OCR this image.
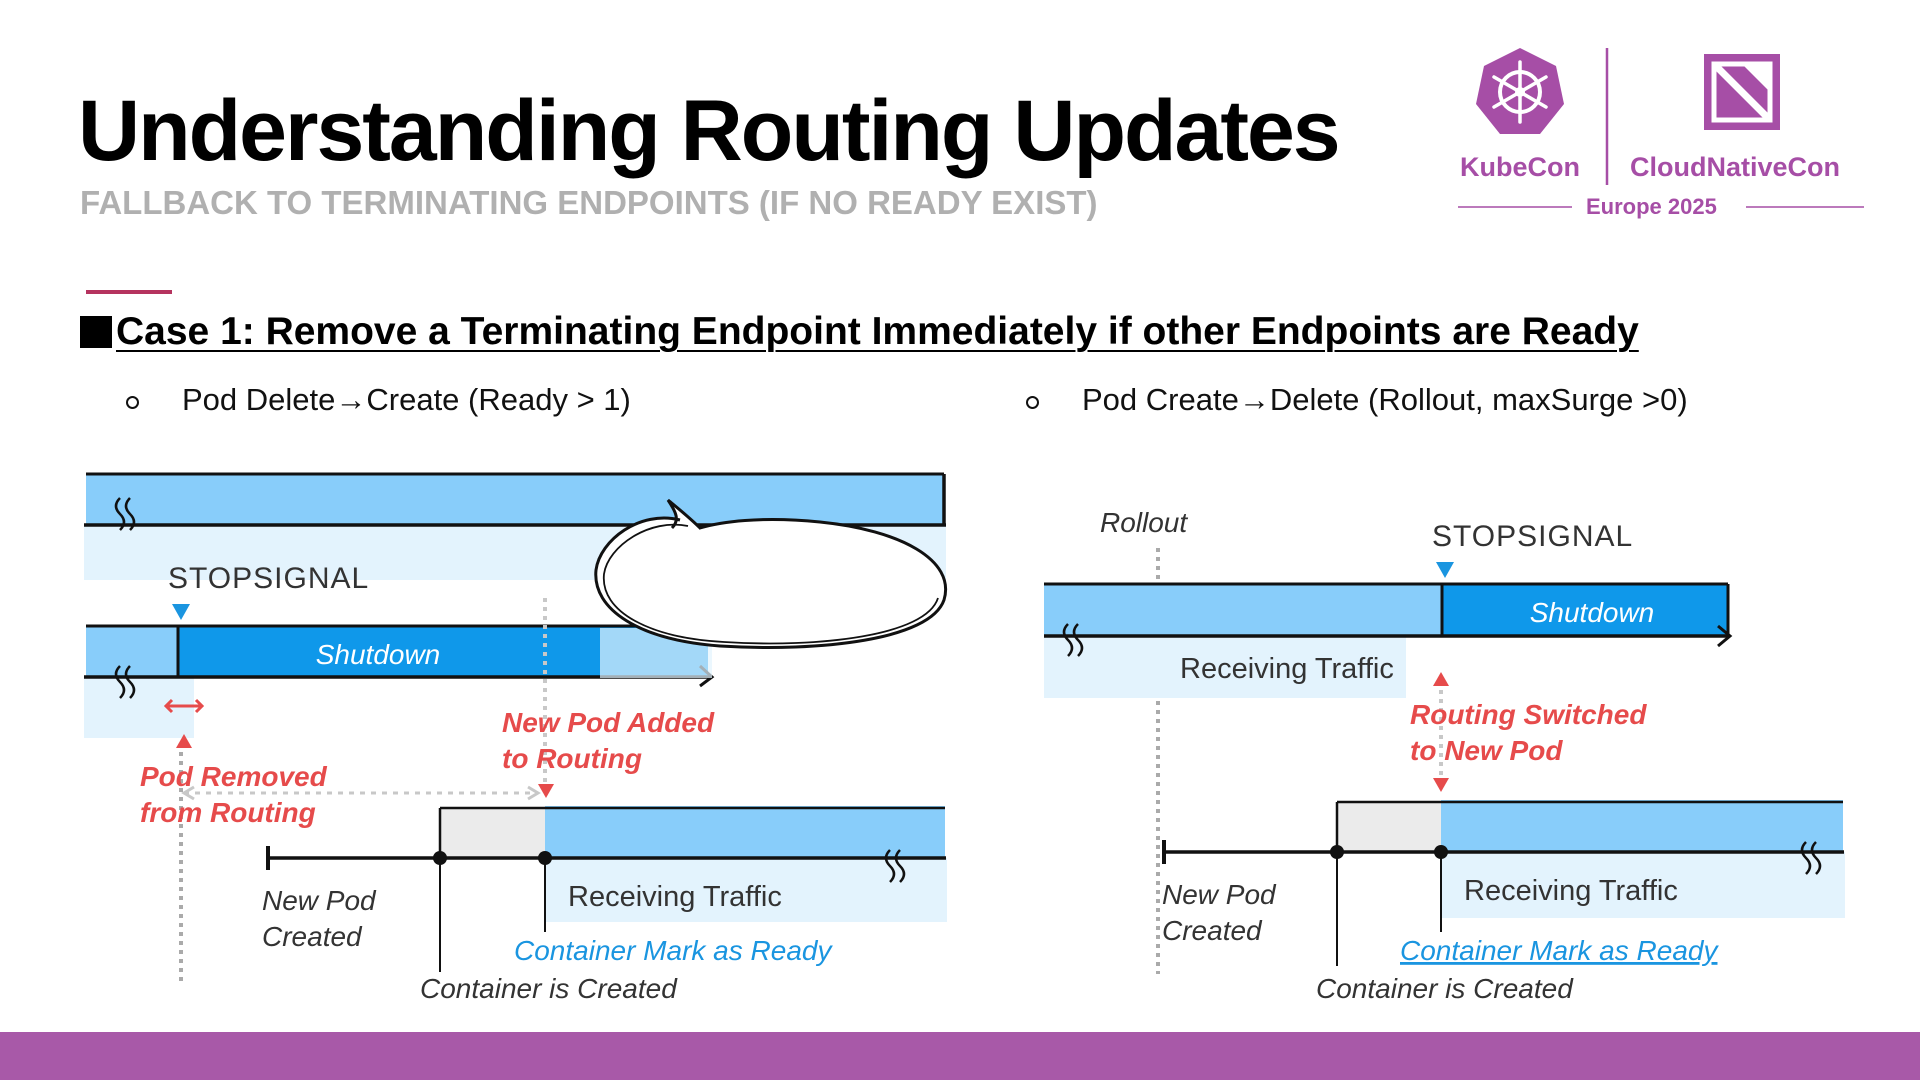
Understanding Routing Updates
FALLBACK TO TERMINATING ENDPOINTS (IF NO READY EXIST)
KubeCon CloudNativeCon
Europe 2025
Case 1: Remove a Terminating Endpoint Immediately if other Endpoints are Ready
Pod Delete→Create (Ready > 1)	Pod Create→Delete (Rollout, maxSurge >0)
STOPSIGNAL
Shutdown
Pod Removed from Routing
New Pod Added to Routing
New Pod Created
Receiving Traffic
Container Mark as Ready
Container is Created
Rollout	STOPSIGNAL
Shutdown
Receiving Traffic
Routing Switched to New Pod
New Pod Created
Receiving Traffic
Container Mark as Ready
Container is Created
